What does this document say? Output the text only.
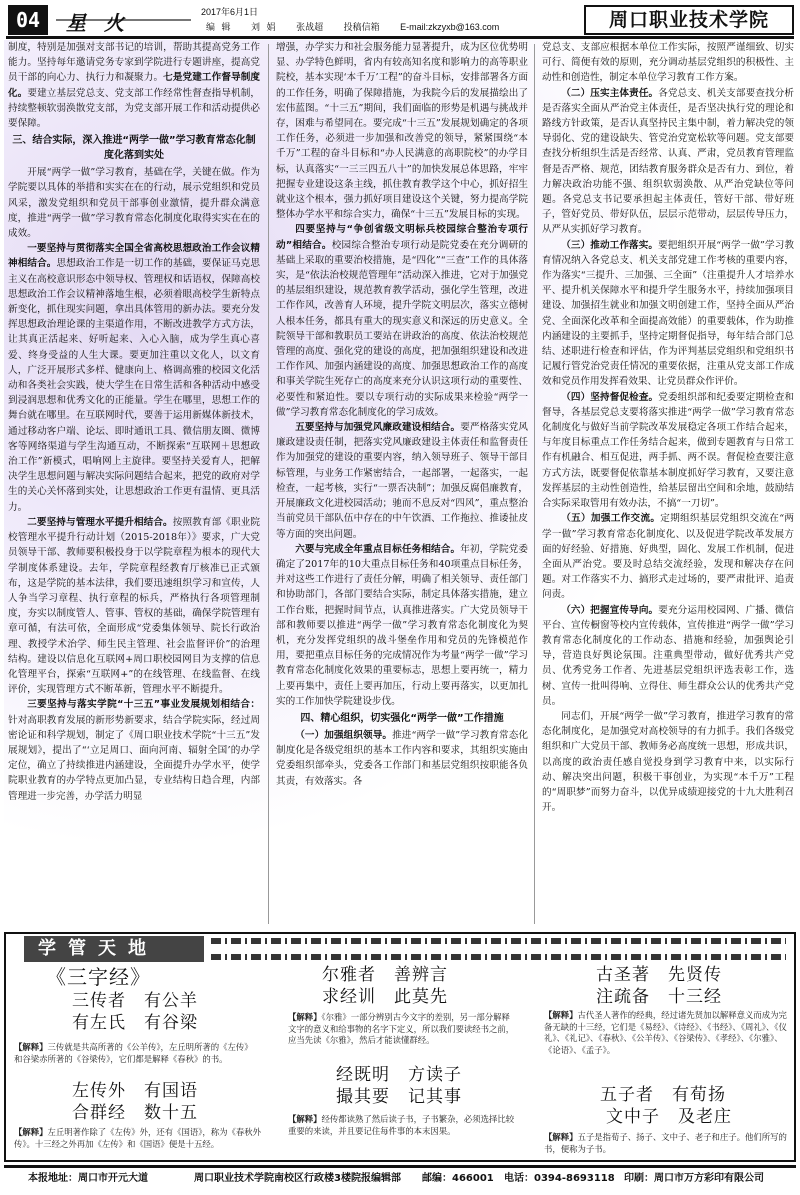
04	星火	2017年6月1日
编 辑 刘 娟 张战超 投稿信箱 E-mail:zkzyxb@163.com	周口职业技术学院

制度，特别是加强对支部书记的培训，帮助其提高党务工作能力。坚持每年邀请党务专家到学院进行专题讲座，提高党员干部的向心力、执行力和凝聚力。七是党建工作督导制度化。要建立基层党总支、党支部工作经常性督查指导机制，持续整顿软弱涣散党支部，为党支部开展工作和活动提供必要保障。

三、结合实际，深入推进“两学一做”学习教育常态化制度化落到实处

开展“两学一做”学习教育，基础在学，关键在做。作为学院要以具体的举措和实实在在的行动，展示党组织和党员风采，激发党组织和党员干部事创业激情，提升群众满意度，推进“两学一做”学习教育常态化制度化取得实实在在的成效。

一要坚持与贯彻落实全国全省高校思想政治工作会议精神相结合。思想政治工作是一切工作的基础，要保证马克思主义在高校意识形态中领导权、管理权和话语权，保障高校思想政治工作会议精神落地生根，必须着眼高校学生新特点新变化，抓住现实问题，拿出具体管用的新办法。要充分发挥思想政治理论课的主渠道作用，不断改进教学方式方法，让其真正活起来、好听起来、入心入脑，成为学生真心喜爱、终身受益的人生大课。要更加注重以文化人，以文育人，广泛开展形式多样、健康向上、格调高雅的校园文化活动和各类社会实践，使大学生在日常生活和各种活动中感受到浸润思想和优秀文化的正能量。学生在哪里，思想工作的舞台就在哪里。在互联网时代，要善于运用新媒体新技术，通过移动客户端、论坛、即时通讯工具、微信朋友圈、微博客等网络渠道与学生沟通互动，不断探索“互联网＋思想政治工作”新模式，唱响网上主旋律。要坚持关爱育人，把解决学生思想问题与解决实际问题结合起来，把党的政府对学生的关心关怀落到实处，让思想政治工作更有温情、更具活力。

二要坚持与管理水平提升相结合。按照教育部《职业院校管理水平提升行动计划（2015-2018年）》要求，广大党员领导干部、教师要积极投身于以学院章程为根本的现代大学制度体系建设。去年，学院章程经教育厅核准已正式颁布，这是学院的基本法律，我们要迅速组织学习和宣传，人人争当学习章程、执行章程的标兵，严格执行各项管理制度，夯实以制度管人、管事、管权的基础，确保学院管理有章可循，有法可依，全面形成“党委集体领导、院长行政治理、教授学术治学、师生民主管理、社会监督评价”的治理结构。建设以信息化互联网+周口职校园网目为支撑的信息化管理平台，探索“互联网+”的在线管理、在线监督、在线评价，实现管理方式不断革新，管理水平不断提升。

三要坚持与落实学院“十三五”事业发展规划相结合：针对高职教育发展的新形势新要求，结合学院实际，经过周密论证和科学规划，制定了《周口职业技术学院“十三五”发展规划》，提出了“‘立足周口、面向河南、辐射全国’的办学定位，确立了持续推进内涵建设，全面提升办学水平，使学院职业教育的办学特点更加凸显，专业结构日趋合理，内部管理进一步完善，办学活力明显

增强，办学实力和社会服务能力显著提升，成为区位优势明显、办学特色鲜明，省内有较高知名度和影响力的高等职业院校，基本实现‘本千万’工程”的奋斗目标，安排部署各方面的工作任务，明确了保障措施，为我院今后的发展描绘出了宏伟蓝图。“十三五”期间，我们面临的形势是机遇与挑战并存，困难与希望同在。要完成“十三五”发展规划确定的各项工作任务，必须进一步加强和改善党的领导，紧紧围绕“本千万”工程的奋斗目标和“办人民满意的高职院校”的办学目标，认真落实“一三三四五八十”的加快发展总体思路，牢牢把握专业建设这条主线，抓住教育教学这个中心，抓好招生就业这个根本，强力抓好项目建设这个关键，努力提高学院整体办学水平和综合实力，确保“十三五”发展目标的实现。

四要坚持与“争创省级文明标兵校园综合整治专项行动”相结合。校园综合整治专项行动是院党委在充分调研的基础上采取的重要治校措施，是“四化”“三查”工作的具体落实，是“依法治校规范管理年”活动深入推进，它对于加强党的基层组织建设，规范教育教学活动，强化学生管理，改进工作作风，改善育人环境，提升学院文明层次，落实立德树人根本任务，都具有重大的现实意义和深远的历史意义。全院领导干部和教职员工要站在讲政治的高度、依法治校规范管理的高度、强化党的建设的高度，把加强组织建设和改进工作作风、加强内涵建设的高度、加强思想政治工作的高度和事关学院生死存亡的高度来充分认识这项行动的重要性、必要性和紧迫性。要以专项行动的实际成果来检验“两学一做”学习教育常态化制度化的学习成效。

五要坚持与加强党风廉政建设相结合。要严格落实党风廉政建设责任制，把落实党风廉政建设主体责任和监督责任作为加强党的建设的重要内容，纳入领导班子、领导干部目标管理，与业务工作紧密结合，一起部署，一起落实，一起检查，一起考核，实行“一票否决制”；加强反腐倡廉教育，开展廉政文化进校园活动；驰而不息反对“四风”，重点整治当前党员干部队伍中存在的中午饮酒、工作拖拉、推诿扯皮等方面的突出问题。

六要与完成全年重点目标任务相结合。年初，学院党委确定了2017年的10大重点目标任务和40项重点目标任务，并对这些工作进行了责任分解，明确了相关领导、责任部门和协助部门，各部门要结合实际，制定具体落实措施，建立工作台账，把握时间节点，认真推进落实。广大党员领导干部和教师要以推进“两学一做”学习教育常态化制度化为契机，充分发挥党组织的战斗堡垒作用和党员的先锋模范作用，要把重点目标任务的完成情况作为考量“两学一做”学习教育常态化制度化效果的重要标志，思想上要再统一，精力上要再集中，责任上要再加压，行动上要再落实，以更加扎实的工作加快学院建设步伐。

四、精心组织，切实强化“两学一做”工作措施

（一）加强组织领导。推进“两学一做”学习教育常态化制度化是各级党组织的基本工作内容和要求，其组织实施由党委组织部牵头，党委各工作部门和基层党组织按职能各负其责，有效落实。各

党总支、支部应根据本单位工作实际，按照严谨细致、切实可行、简便有效的原则，充分调动基层党组织的积极性、主动性和创造性，制定本单位学习教育工作方案。

（二）压实主体责任。各党总支、机关支部要查找分析是否落实全面从严治党主体责任，是否坚决执行党的理论和路线方针政策，是否认真坚持民主集中制，着力解决党的领导弱化、党的建设缺失、管党治党宽松软等问题。党支部要查找分析组织生活是否经常、认真、严肃，党员教育管理监督是否严格、规范，团结教育服务群众是否有力、到位，着力解决政治功能不强、组织软弱涣散、从严治党缺位等问题。各党总支书记要承担起主体责任，管好干部、带好班子，管好党员、带好队伍，层层示范带动，层层传导压力，从严从实抓好学习教育。

（三）推动工作落实。要把组织开展“两学一做”学习教育情况纳入各党总支、机关支部党建工作考核的重要内容，作为落实“三提升、三加强、三全面”（注重提升人才培养水平、提升机关保障水平和提升学生服务水平，持续加强项目建设、加强招生就业和加强文明创建工作，坚持全面从严治党、全面深化改革和全面提高效能）的重要载体，作为助推内涵建设的主要抓手，坚持定期督促指导，每年结合部门总结、述职进行检查和评估，作为评判基层党组织和党组织书记履行管党治党责任情况的重要依据，注重从党支部工作成效和党员作用发挥看效果、让党员群众作评价。

（四）坚持督促检查。党委组织部和纪委要定期检查和督导，各基层党总支要将落实推进“两学一做”学习教育常态化制度化与做好当前学院改革发展稳定各项工作结合起来，与年度目标重点工作任务结合起来，做到专题教育与日常工作有机融合、相互促进，两手抓、两不误。督促检查要注意方式方法，既要督促依靠基本制度抓好学习教育，又要注意发挥基层的主动性创造性，给基层留出空间和余地，鼓励结合实际采取管用有效办法，不搞“一刀切”。

（五）加强工作交流。定期组织基层党组织交流在“两学一做”学习教育常态化制度化、以及促进学院改革发展方面的好经验、好措施、好典型，固化、发展工作机制，促进全面从严治党。要及时总结交流经验，发现和解决存在问题。对工作落实不力、搞形式走过场的，要严肃批评、追责问责。

（六）把握宣传导向。要充分运用校园网、广播、微信平台、宣传橱窗等校内宣传载体，宣传推进“两学一做”学习教育常态化制度化的工作动态、措施和经验，加强舆论引导，营造良好舆论氛围。注重典型带动，做好优秀共产党员、优秀党务工作者、先进基层党组织评选表彰工作，选树、宣传一批叫得响、立得住、师生群众公认的优秀共产党员。

同志们，开展“两学一做”学习教育，推进学习教育的常态化制度化，是加强党对高校领导的有力抓手。我们各级党组织和广大党员干部、教师务必高度统一思想，形成共识，以高度的政治责任感自觉投身到学习教育中来，以实际行动、解决突出问题，积极干事创业，为实现“本千万”工程的“周职梦”而努力奋斗，以优异成绩迎接党的十九大胜利召开。

学管天地
《三字经》
三传者　有公羊
有左氏　有谷梁
【解释】三传就是共高所著的《公羊传》，左丘明所著的《左传》和谷梁赤所著的《谷梁传》，它们都是解释《春秋》的书。
左传外　有国语
合群经　数十五
【解释】左丘明著作除了《左传》外，还有《国语》，称为《春秋外传》。十三经之外再加《左传》和《国语》便是十五经。
尔雅者　善辨言
求经训　此莫先
【解释】《尔雅》一部分辨别古今文字的差别，另一部分解释文字的意义和给事物的名字下定义，所以我们要读经书之前，应当先读《尔雅》，然后才能读懂群经。
经既明　方读子
撮其要　记其事
【解释】经传都读熟了然后读子书，子书繁杂，必须选择比较重要的来读，并且要记住每件事的本末因果。
古圣著　先贤传
注疏备　十三经
【解释】古代圣人著作的经典，经过诸先贤加以解释意义而成为完备无缺的十三经，它们是《易经》、《诗经》、《书经》、《周礼》、《仪礼》、《礼记》、《春秋》、《公羊传》、《谷梁传》、《孝经》、《尔雅》、《论语》、《孟子》。
五子者　有荀扬
文中子　及老庄
【解释】五子是指荀子、扬子、文中子、老子和庄子。他们所写的书，便称为子书。
本报地址：周口市开元大道	周口职业技术学院南校区行政楼3楼院报编辑部 邮编：466001 电话：0394-8693118 印刷：周口市万方彩印有限公司
